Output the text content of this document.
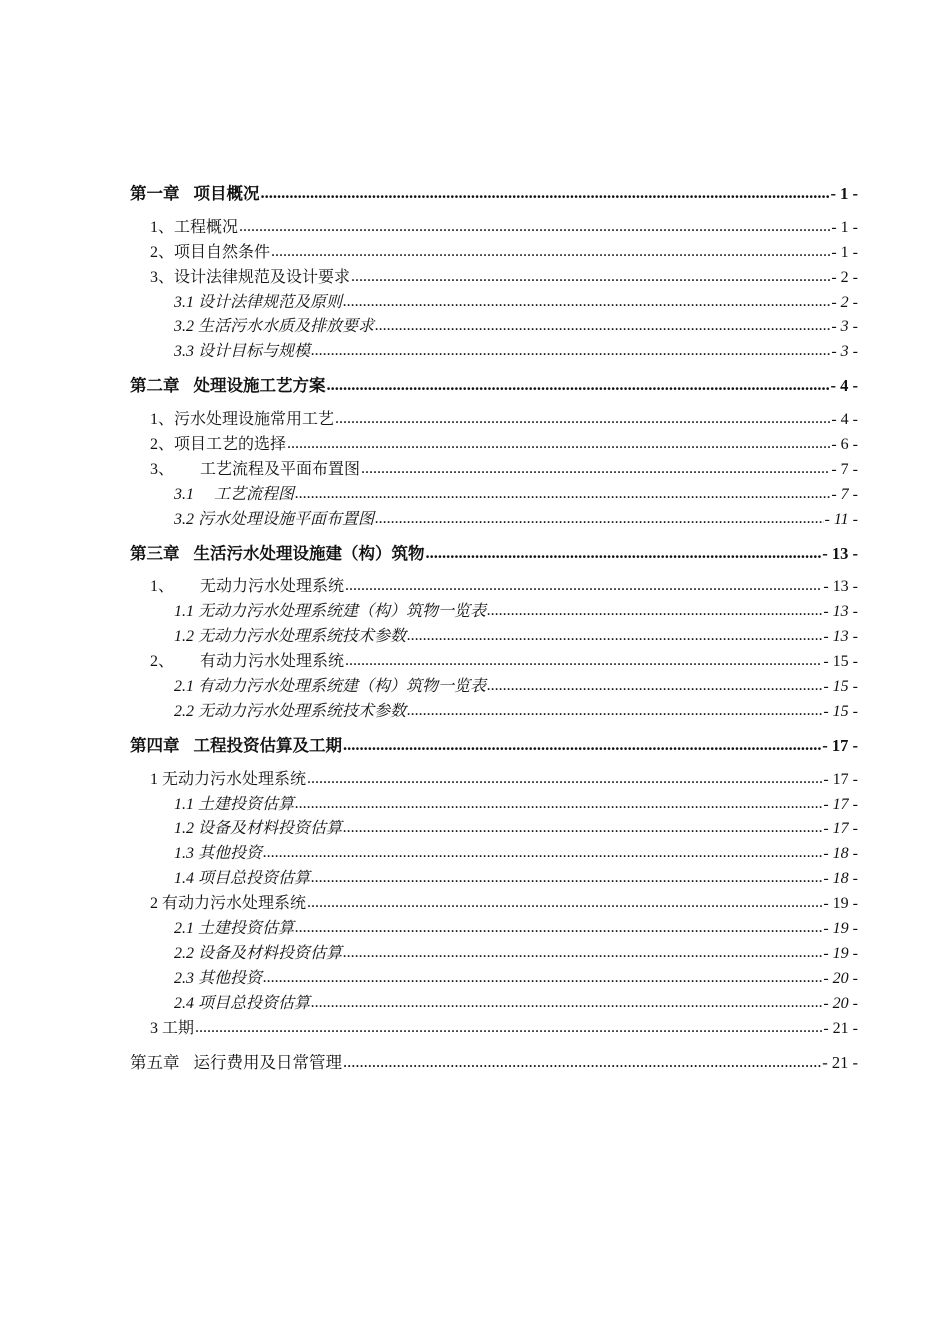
第一章 项目概况 .....	- 1 -
1、工程概况 .....	- 1 -
2、项目自然条件 .....	- 1 -
3、设计法律规范及设计要求 .....	- 2 -
3.1 设计法律规范及原则 .....	- 2 -
3.2 生活污水水质及排放要求 .....	- 3 -
3.3 设计目标与规模 .....	- 3 -
第二章 处理设施工艺方案 .....	- 4 -
1、污水处理设施常用工艺 .....	- 4 -
2、项目工艺的选择 .....	- 6 -
3、 工艺流程及平面布置图 .....	- 7 -
3.1 工艺流程图 .....	- 7 -
3.2 污水处理设施平面布置图 .....	- 11 -
第三章 生活污水处理设施建（构）筑物 .....	- 13 -
1、 无动力污水处理系统 .....	- 13 -
1.1 无动力污水处理系统建（构）筑物一览表 .....	- 13 -
1.2 无动力污水处理系统技术参数 .....	- 13 -
2、 有动力污水处理系统 .....	- 15 -
2.1 有动力污水处理系统建（构）筑物一览表 .....	- 15 -
2.2 无动力污水处理系统技术参数 .....	- 15 -
第四章 工程投资估算及工期 .....	- 17 -
1 无动力污水处理系统 .....	- 17 -
1.1 土建投资估算 .....	- 17 -
1.2 设备及材料投资估算 .....	- 17 -
1.3 其他投资 .....	- 18 -
1.4 项目总投资估算 .....	- 18 -
2 有动力污水处理系统 .....	- 19 -
2.1 土建投资估算 .....	- 19 -
2.2 设备及材料投资估算 .....	- 19 -
2.3 其他投资 .....	- 20 -
2.4 项目总投资估算 .....	- 20 -
3 工期 .....	- 21 -
第五章 运行费用及日常管理 .....	- 21 -
